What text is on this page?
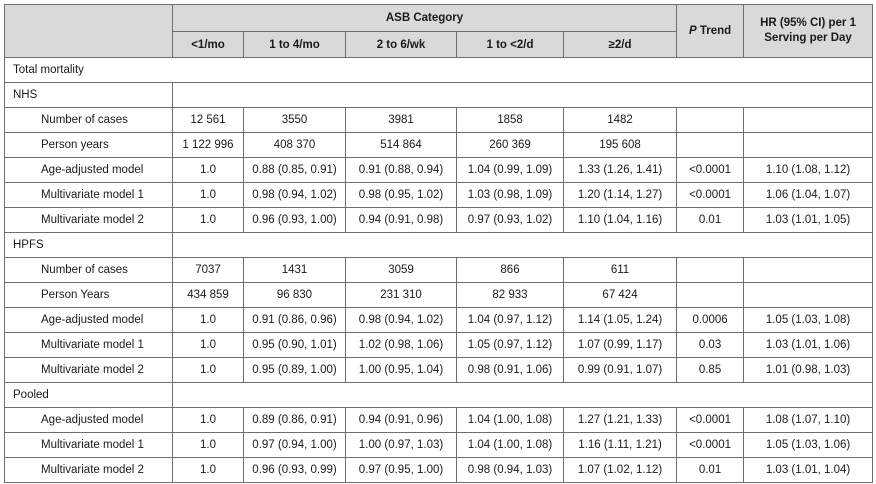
	ASB Category					P Trend	HR (95% CI) per 1 Serving per Day
	<1/mo	1 to 4/mo	2 to 6/wk	1 to <2/d	≥2/d		
Total mortality							
NHS							
Number of cases	12 561	3550	3981	1858	1482		
Person years	1 122 996	408 370	514 864	260 369	195 608		
Age-adjusted model	1.0	0.88 (0.85, 0.91)	0.91 (0.88, 0.94)	1.04 (0.99, 1.09)	1.33 (1.26, 1.41)	<0.0001	1.10 (1.08, 1.12)
Multivariate model 1	1.0	0.98 (0.94, 1.02)	0.98 (0.95, 1.02)	1.03 (0.98, 1.09)	1.20 (1.14, 1.27)	<0.0001	1.06 (1.04, 1.07)
Multivariate model 2	1.0	0.96 (0.93, 1.00)	0.94 (0.91, 0.98)	0.97 (0.93, 1.02)	1.10 (1.04, 1.16)	0.01	1.03 (1.01, 1.05)
HPFS							
Number of cases	7037	1431	3059	866	611		
Person Years	434 859	96 830	231 310	82 933	67 424		
Age-adjusted model	1.0	0.91 (0.86, 0.96)	0.98 (0.94, 1.02)	1.04 (0.97, 1.12)	1.14 (1.05, 1.24)	0.0006	1.05 (1.03, 1.08)
Multivariate model 1	1.0	0.95 (0.90, 1.01)	1.02 (0.98, 1.06)	1.05 (0.97, 1.12)	1.07 (0.99, 1.17)	0.03	1.03 (1.01, 1.06)
Multivariate model 2	1.0	0.95 (0.89, 1.00)	1.00 (0.95, 1.04)	0.98 (0.91, 1.06)	0.99 (0.91, 1.07)	0.85	1.01 (0.98, 1.03)
Pooled							
Age-adjusted model	1.0	0.89 (0.86, 0.91)	0.94 (0.91, 0.96)	1.04 (1.00, 1.08)	1.27 (1.21, 1.33)	<0.0001	1.08 (1.07, 1.10)
Multivariate model 1	1.0	0.97 (0.94, 1.00)	1.00 (0.97, 1.03)	1.04 (1.00, 1.08)	1.16 (1.11, 1.21)	<0.0001	1.05 (1.03, 1.06)
Multivariate model 2	1.0	0.96 (0.93, 0.99)	0.97 (0.95, 1.00)	0.98 (0.94, 1.03)	1.07 (1.02, 1.12)	0.01	1.03 (1.01, 1.04)
